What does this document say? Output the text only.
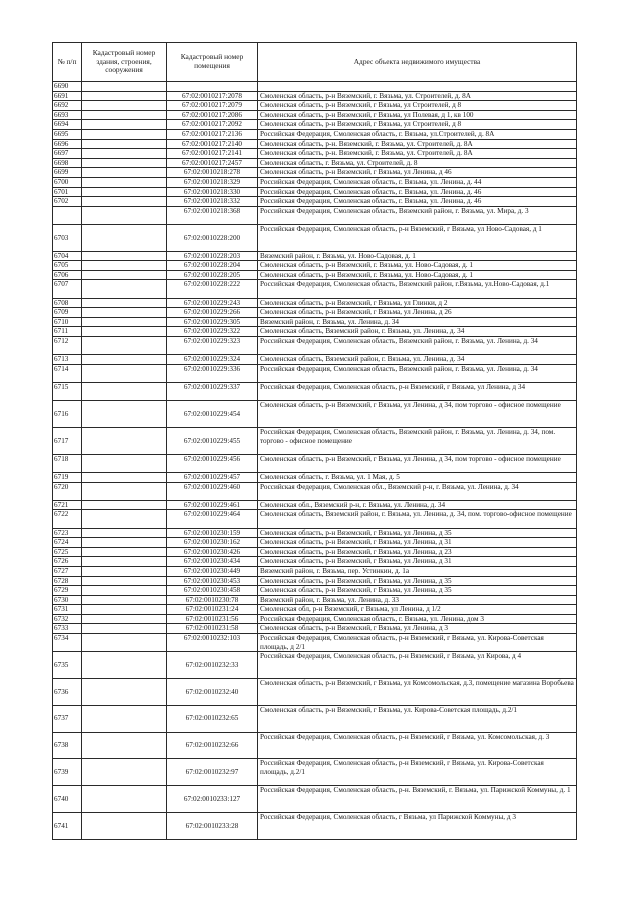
№ п/п	Кадастровый номер здания, строения, сооружения	Кадастровый номер помещения	Адрес объекта недвижимого имущества
6690			
6691		67:02:0010217:2078	Смоленская область, р-н Вяземский, г. Вязьма, ул. Строителей, д. 8А
6692		67:02:0010217:2079	Смоленская область, р-н Вяземский, г Вязьма, ул Строителей, д 8
6693		67:02:0010217:2086	Смоленская область, р-н Вяземский, г Вязьма, ул Полевая, д 1, кв 100
6694		67:02:0010217:2092	Смоленская область, р-н Вяземский, г Вязьма, ул Строителей, д 8
6695		67:02:0010217:2136	Российская Федерация, Смоленская область, г. Вязьма, ул.Строителей, д. 8А
6696		67:02:0010217:2140	Смоленская область, р-н. Вяземский, г. Вязьма, ул. Строителей, д. 8А
6697		67:02:0010217:2141	Смоленская область, р-н. Вяземский, г. Вязьма, ул. Строителей, д. 8А
6698		67:02:0010217:2457	Смоленская область, г. Вязьма, ул. Строителей, д. 8
6699		67:02:0010218:278	Смоленская область, р-н Вяземский, г Вязьма, ул Ленина, д 46
6700		67:02:0010218:329	Российская Федерация, Смоленская область, г. Вязьма, ул. Ленина, д. 44
6701		67:02:0010218:330	Российская Федерация, Смоленская область, г. Вязьма, ул. Ленина, д. 46
6702		67:02:0010218:332	Российская Федерация, Смоленская область, г. Вязьма, ул. Ленина, д. 46
		67:02:0010218:368	Российская Федерация, Смоленская область, Вяземский район, г. Вязьма, ул. Мира, д. 3
6703		67:02:0010228:200	Российская Федерация, Смоленская область, р-н Вяземский, г Вязьма, ул Ново-Садовая, д 1
6704		67:02:0010228:203	Вяземский район, г. Вязьма, ул. Ново-Садовая, д. 1
6705		67:02:0010228:204	Смоленская область, р-н Вяземский, г. Вязьма, ул. Ново-Садовая, д. 1
6706		67:02:0010228:205	Смоленская область, р-н Вяземский, г. Вязьма, ул. Ново-Садовая, д. 1
6707		67:02:0010228:222	Российская Федерация, Смоленская область, Вяземский район, г.Вязьма, ул.Ново-Садовая, д.1
6708		67:02:0010229:243	Смоленская область, р-н Вяземский, г Вязьма, ул Глинки, д 2
6709		67:02:0010229:266	Смоленская область, р-н Вяземский, г Вязьма, ул Ленина, д 26
6710		67:02:0010229:305	Вяземский район, г. Вязьма, ул. Ленина, д. 34
6711		67:02:0010229:322	Смоленская область, Вяземский район, г. Вязьма, ул. Ленина, д. 34
6712		67:02:0010229:323	Российская Федерация, Смоленская область, Вяземский район, г. Вязьма, ул. Ленина, д. 34
6713		67:02:0010229:324	Смоленская область, Вяземский район, г. Вязьма, ул. Ленина, д. 34
6714		67:02:0010229:336	Российская Федерация, Смоленская область, Вяземский район, г. Вязьма, ул. Ленина, д. 34
6715		67:02:0010229:337	Российская Федерация, Смоленская область, р-н Вяземский, г Вязьма, ул Ленина, д 34
6716		67:02:0010229:454	Смоленская область, р-н Вяземский, г Вязьма, ул Ленина, д 34, пом торгово - офисное помещение
6717		67:02:0010229:455	Российская Федерация, Смоленская область, Вяземский район, г. Вязьма, ул. Ленина, д. 34, пом. торгово - офисное помещение
6718		67:02:0010229:456	Смоленская область, р-н Вяземский, г Вязьма, ул Ленина, д 34, пом торгово - офисное помещение
6719		67:02:0010229:457	Смоленская область, г. Вязьма, ул. 1 Мая, д. 5
6720		67:02:0010229:460	Российская Федерация, Смоленская обл., Вяземский р-н, г. Вязьма, ул. Ленина, д. 34
6721		67:02:0010229:461	Смоленская обл., Вяземский р-н, г. Вязьма, ул. Ленина, д. 34
6722		67:02:0010229:464	Смоленская область, Вяземский район, г. Вязьма, ул. Ленина, д. 34, пом. торгово-офисное помещение
6723		67:02:0010230:159	Смоленская область, р-н Вяземский, г Вязьма, ул Ленина, д 35
6724		67:02:0010230:162	Смоленская область, р-н Вяземский, г Вязьма, ул Ленина, д 31
6725		67:02:0010230:426	Смоленская область, р-н Вяземский, г Вязьма, ул Ленина, д 23
6726		67:02:0010230:434	Смоленская область, р-н Вяземский, г Вязьма, ул Ленина, д 31
6727		67:02:0010230:449	Вяземский район, г. Вязьма, пер. Устинкин, д. 1а
6728		67:02:0010230:453	Смоленская область, р-н Вяземский, г Вязьма, ул Ленина, д 35
6729		67:02:0010230:458	Смоленская область, р-н Вяземский, г Вязьма, ул Ленина, д 35
6730		67:02:0010230:78	Вяземский район, г. Вязьма, ул. Ленина, д. 33
6731		67:02:0010231:24	Смоленская обл, р-н Вяземский, г Вязьма, ул Ленина, д 1/2
6732		67:02:0010231:56	Российская Федерация, Смоленская область, г. Вязьма, ул. Ленина, дом 3
6733		67:02:0010231:58	Смоленская область, р-н Вяземский, г Вязьма, ул Ленина, д 3
6734		67:02:0010232:103	Российская Федерация, Смоленская область, р-н Вяземский, г Вязьма, ул. Кирова-Советская площадь, д 2/1
6735		67:02:0010232:33	Российская Федерация, Смоленская область, р-н Вяземский, г Вязьма, ул Кирова, д 4
6736		67:02:0010232:40	Смоленская область, р-н Вяземский, г Вязьма, ул Комсомольская, д.3, помещение магазина Воробьева
6737		67:02:0010232:65	Смоленская область, р-н Вяземский, г Вязьма, ул. Кирова-Советская площадь, д.2/1
6738		67:02:0010232:66	Российская Федерация, Смоленская область, р-н Вяземский, г Вязьма, ул. Комсомольская, д. 3
6739		67:02:0010232:97	Российская Федерация, Смоленская область, р-н Вяземский, г Вязьма, ул. Кирова-Советская площадь, д.2/1
6740		67:02:0010233:127	Российская Федерация, Смоленская область, р-н. Вяземский, г. Вязьма, ул. Парижской Коммуны, д. 1
6741		67:02:0010233:28	Российская Федерация, Смоленская область, г Вязьма, ул Парижской Коммуны, д 3
